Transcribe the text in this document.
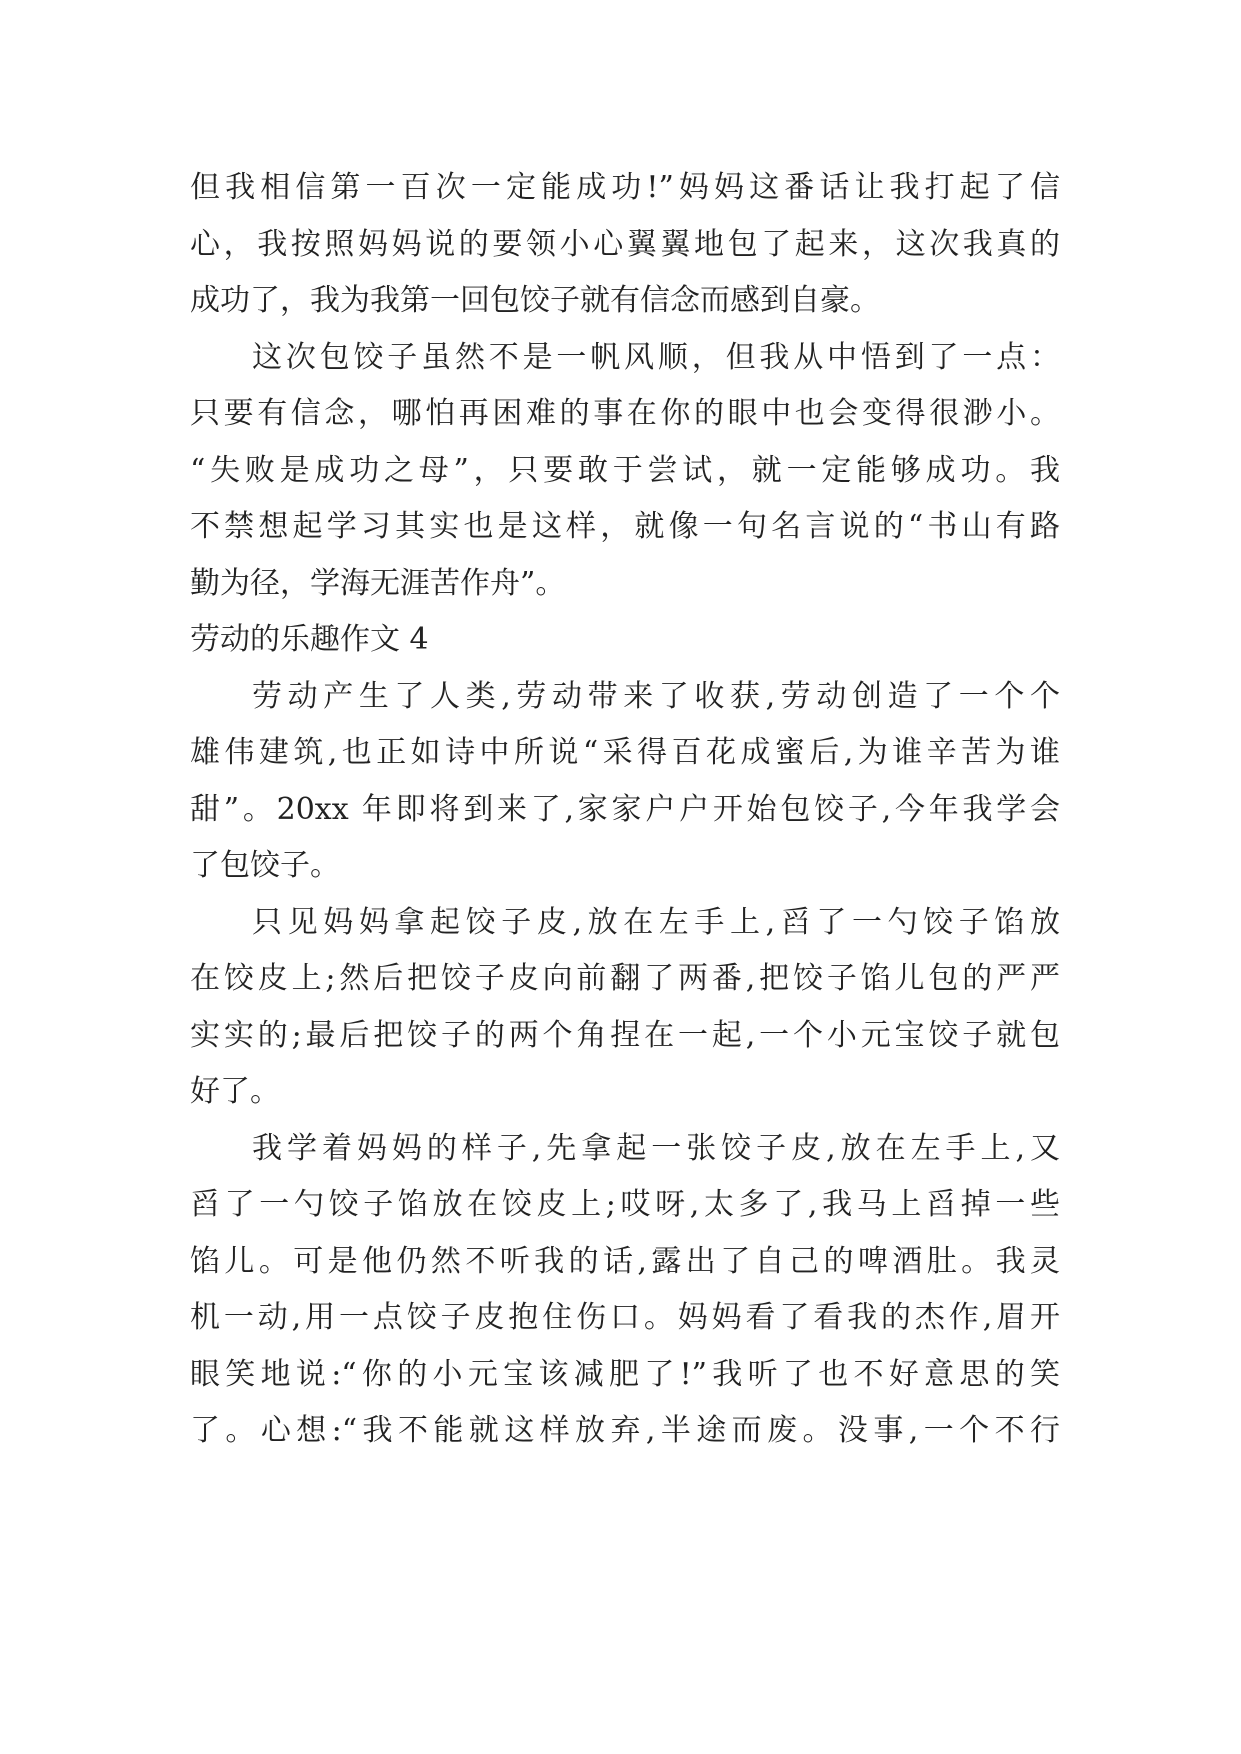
但我相信第一百次一定能成功!”妈妈这番话让我打起了信
心，我按照妈妈说的要领小心翼翼地包了起来，这次我真的
成功了，我为我第一回包饺子就有信念而感到自豪。

这次包饺子虽然不是一帆风顺，但我从中悟到了一点：
只要有信念，哪怕再困难的事在你的眼中也会变得很渺小。
“失败是成功之母”，只要敢于尝试，就一定能够成功。我
不禁想起学习其实也是这样，就像一句名言说的“书山有路
勤为径，学海无涯苦作舟”。

劳动的乐趣作文 4

劳动产生了人类,劳动带来了收获,劳动创造了一个个
雄伟建筑,也正如诗中所说“采得百花成蜜后,为谁辛苦为谁
甜”。20xx 年即将到来了,家家户户开始包饺子,今年我学会
了包饺子。

只见妈妈拿起饺子皮,放在左手上,舀了一勺饺子馅放
在饺皮上;然后把饺子皮向前翻了两番,把饺子馅儿包的严严
实实的;最后把饺子的两个角捏在一起,一个小元宝饺子就包
好了。

我学着妈妈的样子,先拿起一张饺子皮,放在左手上,又
舀了一勺饺子馅放在饺皮上;哎呀,太多了,我马上舀掉一些
馅儿。可是他仍然不听我的话,露出了自己的啤酒肚。我灵
机一动,用一点饺子皮抱住伤口。妈妈看了看我的杰作,眉开
眼笑地说:“你的小元宝该减肥了!”我听了也不好意思的笑
了。心想:“我不能就这样放弃,半途而废。没事,一个不行
